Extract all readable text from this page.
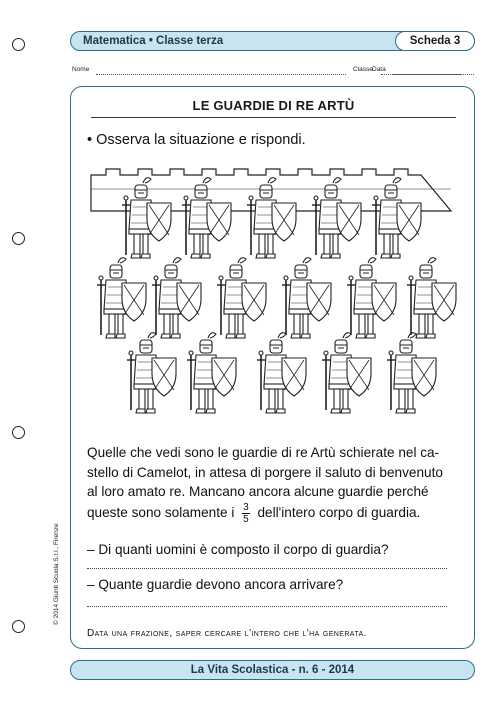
Matematica • Classe terza	Scheda 3
Nome	Classe Data
LE GUARDIE DI RE ARTÙ
• Osserva la situazione e rispondi.
Quelle che vedi sono le guardie di re Artù schierate nel ca-
stello di Camelot, in attesa di porgere il saluto di benvenuto
al loro amato re. Mancano ancora alcune guardie perché
queste sono solamente i $\frac{3}{5}$ dell'intero corpo di guardia.
– Di quanti uomini è composto il corpo di guardia?
– Quante guardie devono ancora arrivare?
Data una frazione, saper cercare l'intero che l'ha generata.
La Vita Scolastica - n. 6 - 2014
© 2014 Giunti Scuola S.r.l., Firenze
